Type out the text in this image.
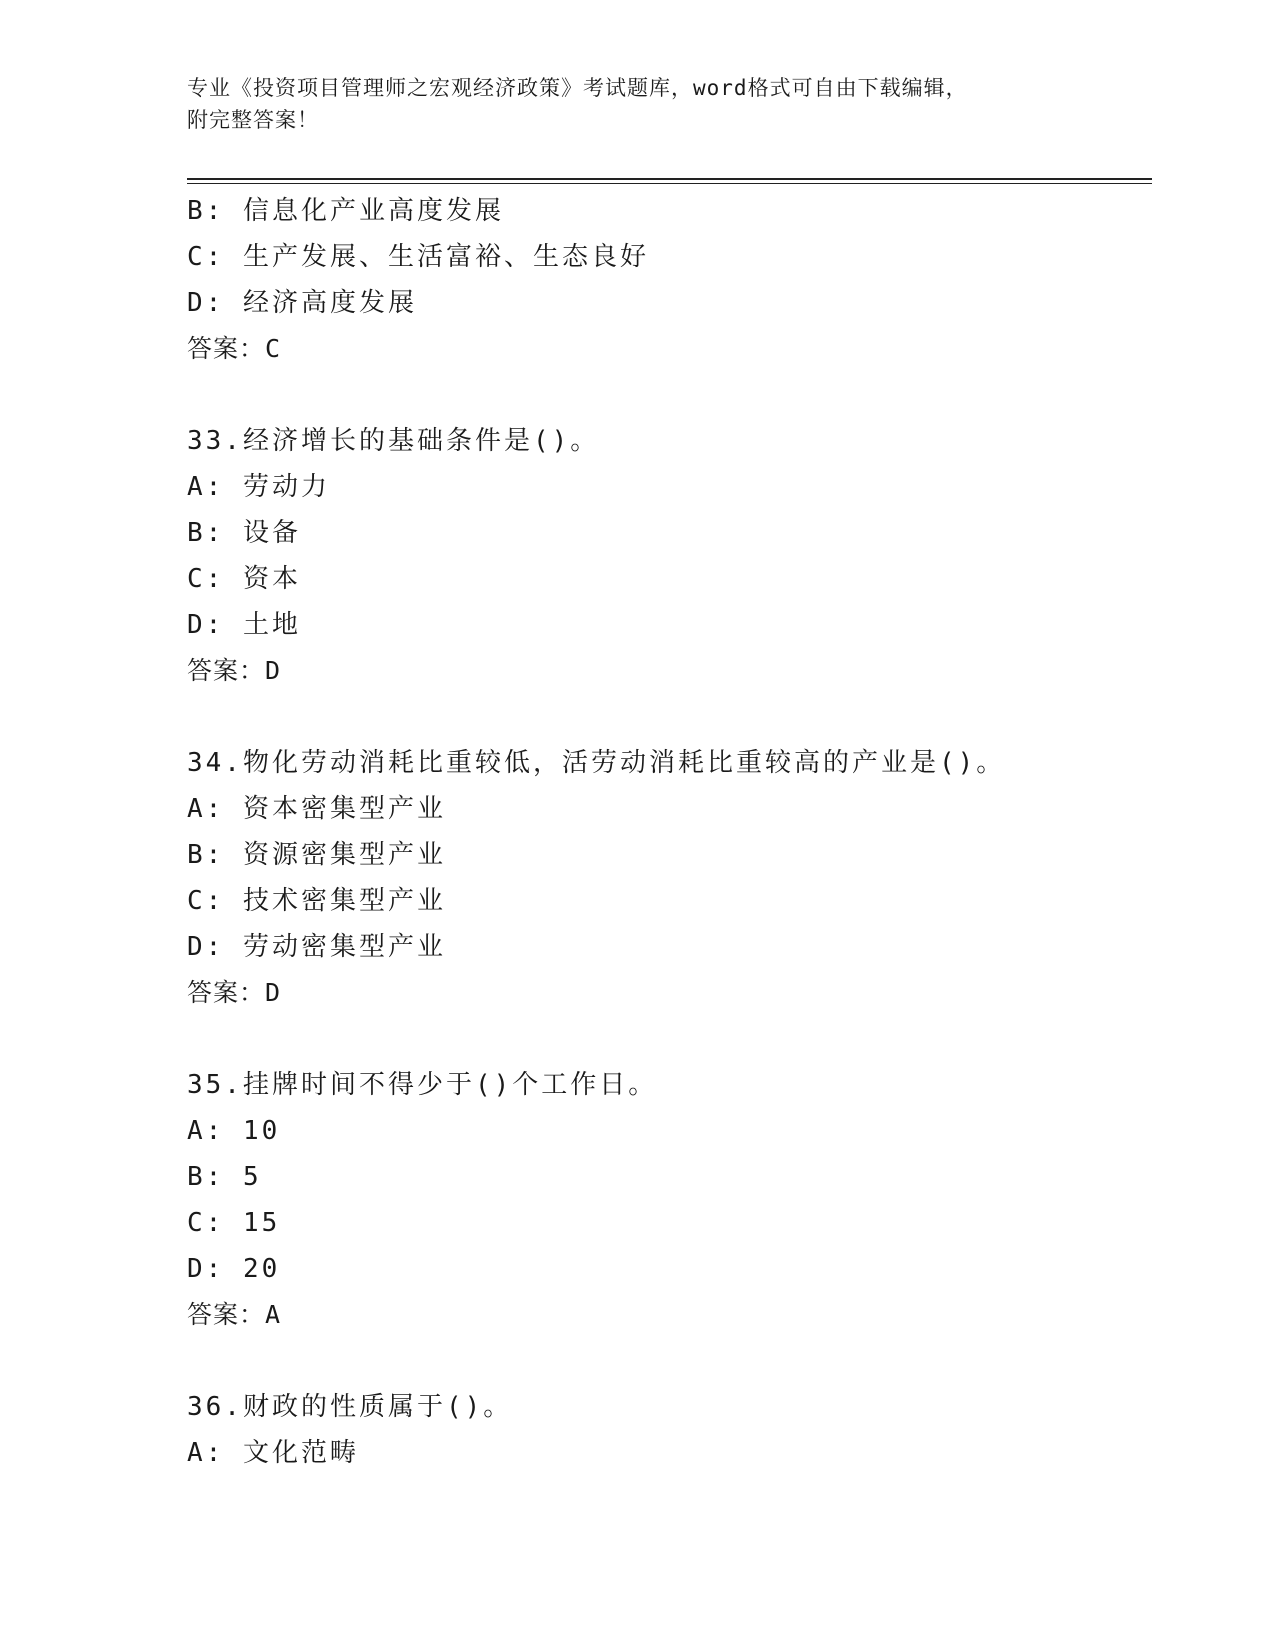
专业《投资项目管理师之宏观经济政策》考试题库，word格式可自由下载编辑，
附完整答案！
B: 信息化产业高度发展
C: 生产发展、生活富裕、生态良好
D: 经济高度发展
答案：C
33.经济增长的基础条件是()。
A: 劳动力
B: 设备
C: 资本
D: 土地
答案：D
34.物化劳动消耗比重较低，活劳动消耗比重较高的产业是()。
A: 资本密集型产业
B: 资源密集型产业
C: 技术密集型产业
D: 劳动密集型产业
答案：D
35.挂牌时间不得少于()个工作日。
A: 10
B: 5
C: 15
D: 20
答案：A
36.财政的性质属于()。
A: 文化范畴
